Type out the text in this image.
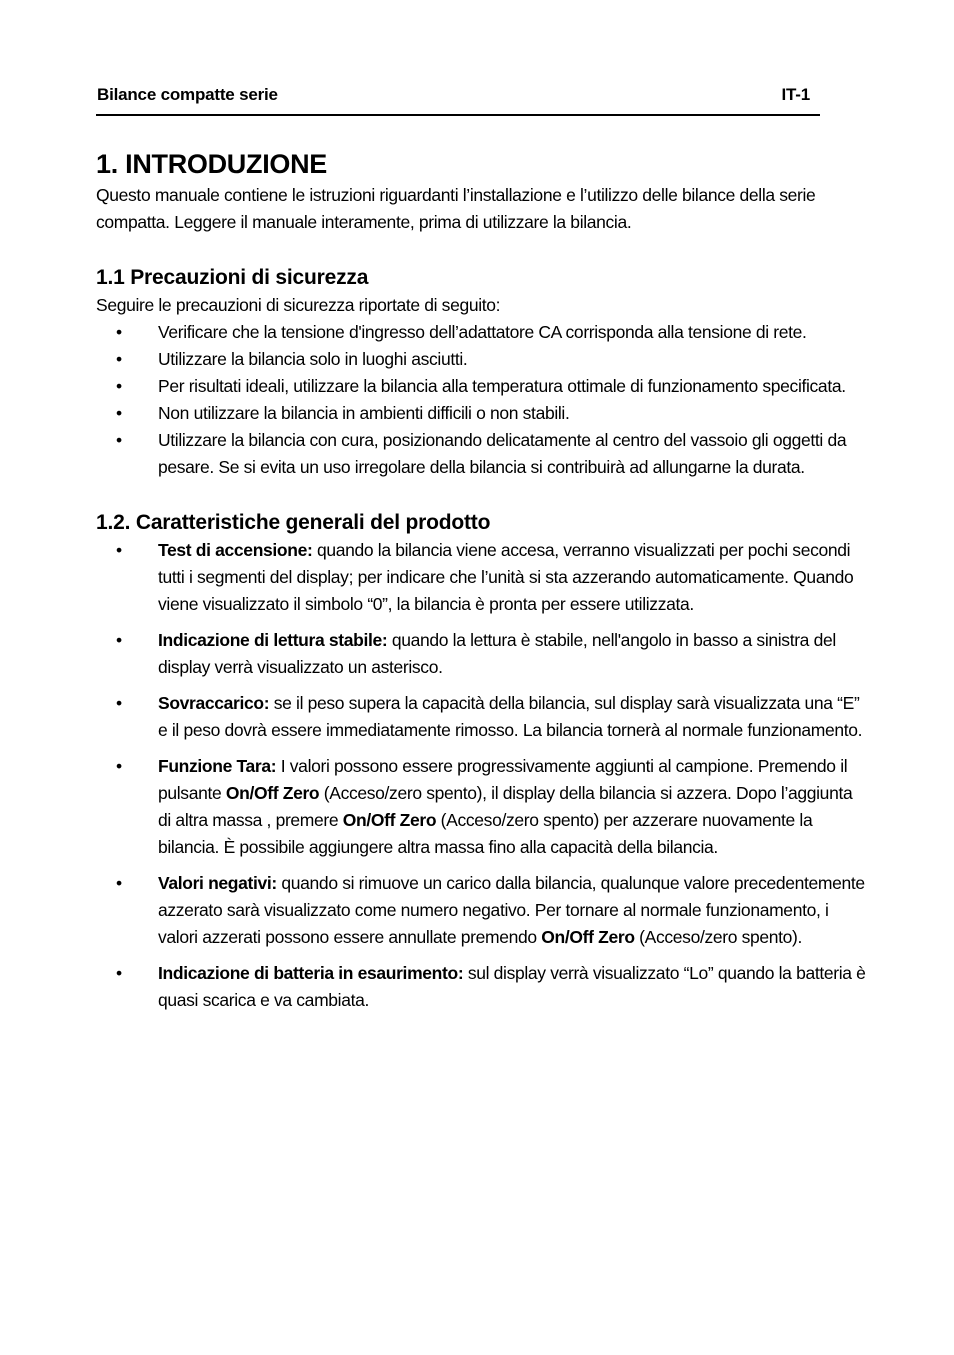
Bilance compatte serie	IT-1
1. INTRODUZIONE

Questo manuale contiene le istruzioni riguardanti l’installazione e l’utilizzo delle bilance della serie compatta. Leggere il manuale interamente, prima di utilizzare la bilancia.

1.1 Precauzioni di sicurezza

Seguire le precauzioni di sicurezza riportate di seguito:

• Verificare che la tensione d'ingresso dell’adattatore CA corrisponda alla tensione di rete.
• Utilizzare la bilancia solo in luoghi asciutti.
• Per risultati ideali, utilizzare la bilancia alla temperatura ottimale di funzionamento specificata.
• Non utilizzare la bilancia in ambienti difficili o non stabili.
• Utilizzare la bilancia con cura, posizionando delicatamente al centro del vassoio gli oggetti da pesare. Se si evita un uso irregolare della bilancia si contribuirà ad allungarne la durata.
1.2. Caratteristiche generali del prodotto
• Test di accensione: quando la bilancia viene accesa, verranno visualizzati per pochi secondi tutti i segmenti del display; per indicare che l’unità si sta azzerando automaticamente. Quando viene visualizzato il simbolo “0”, la bilancia è pronta per essere utilizzata.
• Indicazione di lettura stabile: quando la lettura è stabile, nell'angolo in basso a sinistra del display verrà visualizzato un asterisco.
• Sovraccarico: se il peso supera la capacità della bilancia, sul display sarà visualizzata una “E” e il peso dovrà essere immediatamente rimosso. La bilancia tornerà al normale funzionamento.
• Funzione Tara: I valori possono essere progressivamente aggiunti al campione. Premendo il pulsante On/Off Zero (Acceso/zero spento), il display della bilancia si azzera. Dopo l’aggiunta di altra massa , premere On/Off Zero (Acceso/zero spento) per azzerare nuovamente la bilancia. È possibile aggiungere altra massa fino alla capacità della bilancia.
• Valori negativi: quando si rimuove un carico dalla bilancia, qualunque valore precedentemente azzerato sarà visualizzato come numero negativo. Per tornare al normale funzionamento, i valori azzerati possono essere annullate premendo On/Off Zero (Acceso/zero spento).
• Indicazione di batteria in esaurimento: sul display verrà visualizzato “Lo” quando la batteria è quasi scarica e va cambiata.
